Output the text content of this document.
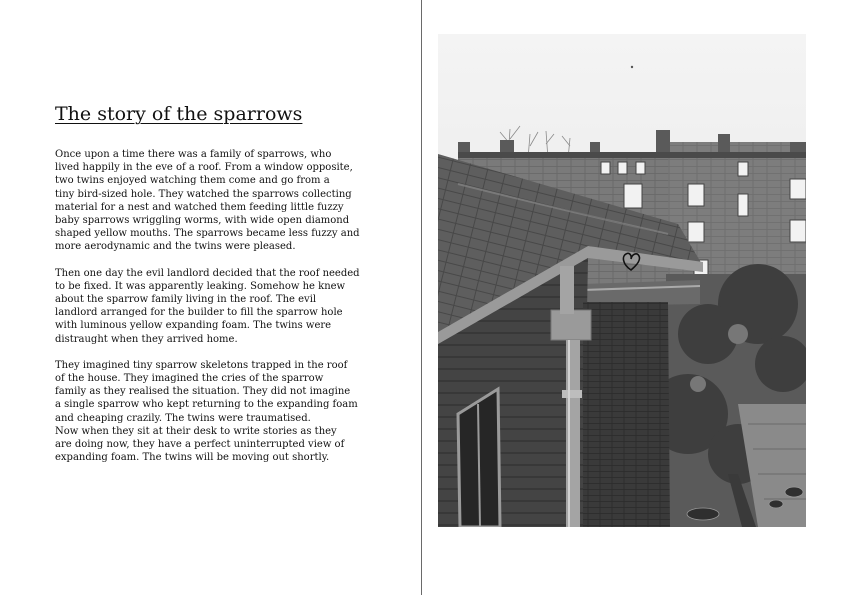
The story of the sparrows

Once upon a time there was a family of sparrows, who
lived happily in the eve of a roof. From a window opposite,
two twins enjoyed watching them come and go from a
tiny bird-sized hole. They watched the sparrows collecting
material for a nest and watched them feeding little fuzzy
baby sparrows wriggling worms, with wide open diamond
shaped yellow mouths. The sparrows became less fuzzy and
more aerodynamic and the twins were pleased.

Then one day the evil landlord decided that the roof needed
to be fixed. It was apparently leaking. Somehow he knew
about the sparrow family living in the roof. The evil
landlord arranged for the builder to fill the sparrow hole
with luminous yellow expanding foam. The twins were
distraught when they arrived home.

They imagined tiny sparrow skeletons trapped in the roof
of the house. They imagined the cries of the sparrow
family as they realised the situation. They did not imagine
a single sparrow who kept returning to the expanding foam
and cheaping crazily. The twins were traumatised.
Now when they sit at their desk to write stories as they
are doing now, they have a perfect uninterrupted view of
expanding foam. The twins will be moving out shortly.
